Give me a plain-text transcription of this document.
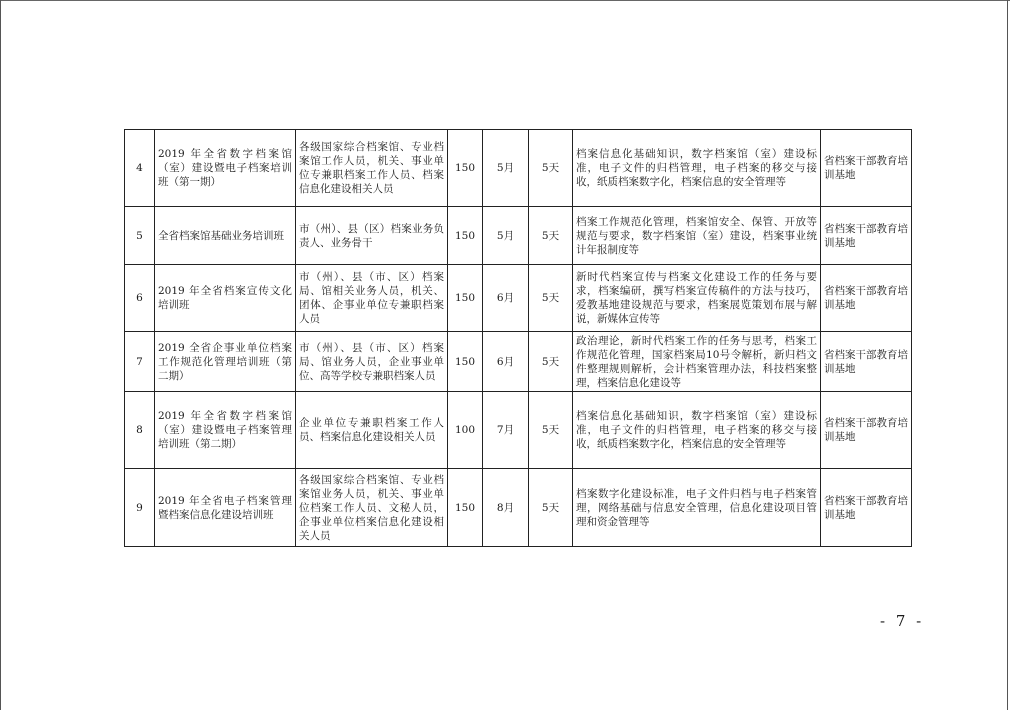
4	2019 年全省数字档案馆（室）建设暨电子档案培训班（第一期）	各级国家综合档案馆、专业档案馆工作人员，机关、事业单位专兼职档案工作人员、档案信息化建设相关人员	150	5月	5天	档案信息化基础知识，数字档案馆（室）建设标准，电子文件的归档管理，电子档案的移交与接收，纸质档案数字化，档案信息的安全管理等	省档案干部教育培训基地
5	全省档案馆基础业务培训班	市（州）、县（区）档案业务负责人、业务骨干	150	5月	5天	档案工作规范化管理，档案馆安全、保管、开放等规范与要求，数字档案馆（室）建设，档案事业统计年报制度等	省档案干部教育培训基地
6	2019 年全省档案宣传文化培训班	市（州）、县（市、区）档案局、馆相关业务人员，机关、团体、企事业单位专兼职档案人员	150	6月	5天	新时代档案宣传与档案文化建设工作的任务与要求，档案编研，撰写档案宣传稿件的方法与技巧，爱教基地建设规范与要求，档案展览策划布展与解说，新媒体宣传等	省档案干部教育培训基地
7	2019 全省企事业单位档案工作规范化管理培训班（第二期）	市（州）、县（市、区）档案局、馆业务人员，企业事业单位、高等学校专兼职档案人员	150	6月	5天	政治理论，新时代档案工作的任务与思考，档案工作规范化管理，国家档案局10号令解析，新归档文件整理规则解析，会计档案管理办法，科技档案整理，档案信息化建设等	省档案干部教育培训基地
8	2019 年全省数字档案馆（室）建设暨电子档案管理培训班（第二期）	企业单位专兼职档案工作人员、档案信息化建设相关人员	100	7月	5天	档案信息化基础知识，数字档案馆（室）建设标准，电子文件的归档管理，电子档案的移交与接收，纸质档案数字化，档案信息的安全管理等	省档案干部教育培训基地
9	2019 年全省电子档案管理暨档案信息化建设培训班	各级国家综合档案馆、专业档案馆业务人员，机关、事业单位档案工作人员、文秘人员，企事业单位档案信息化建设相关人员	150	8月	5天	档案数字化建设标准，电子文件归档与电子档案管理，网络基础与信息安全管理，信息化建设项目管理和资金管理等	省档案干部教育培训基地
- 7 -
